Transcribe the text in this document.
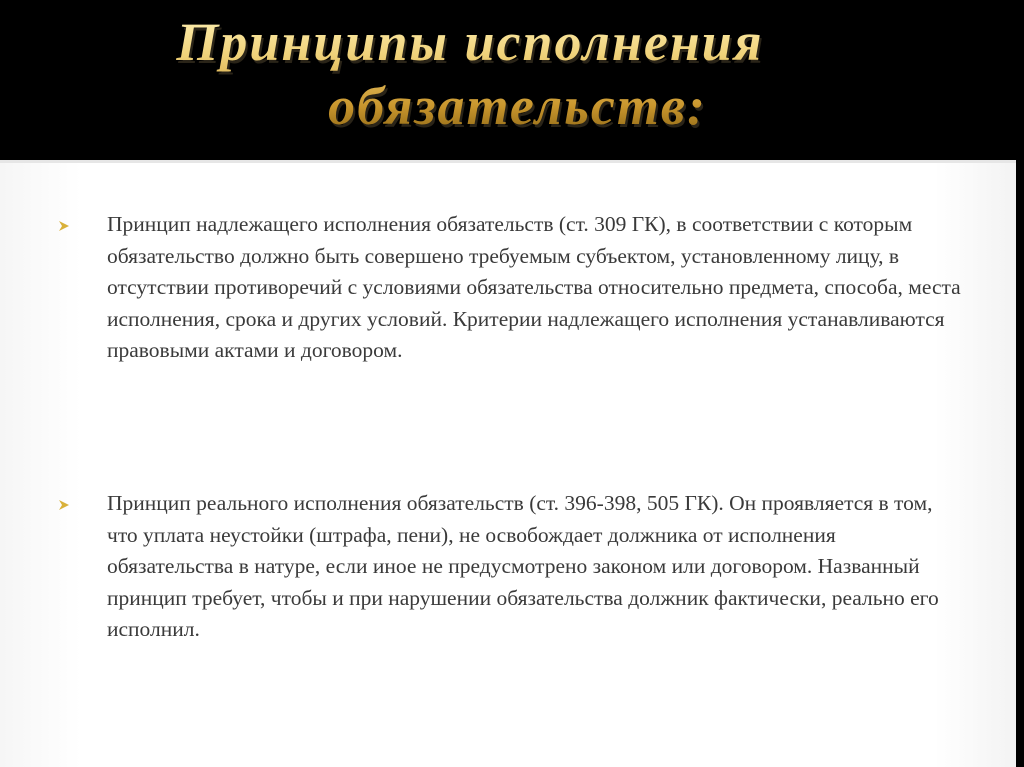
Принципы исполнения
обязательств:
Принцип надлежащего исполнения обязательств (ст. 309 ГК), в соответствии с которым обязательство должно быть совершено требуемым субъектом, установленному лицу, в отсутствии противоречий с условиями обязательства относительно предмета, способа, места исполнения, срока и других условий. Критерии надлежащего исполнения устанавливаются правовыми актами и договором.
Принцип реального исполнения обязательств (ст. 396-398, 505 ГК). Он проявляется в том, что уплата неустойки (штрафа, пени), не освобождает должника от исполнения обязательства в натуре, если иное не предусмотрено законом или договором. Названный принцип требует, чтобы и при нарушении обязательства должник фактически, реально его исполнил.
